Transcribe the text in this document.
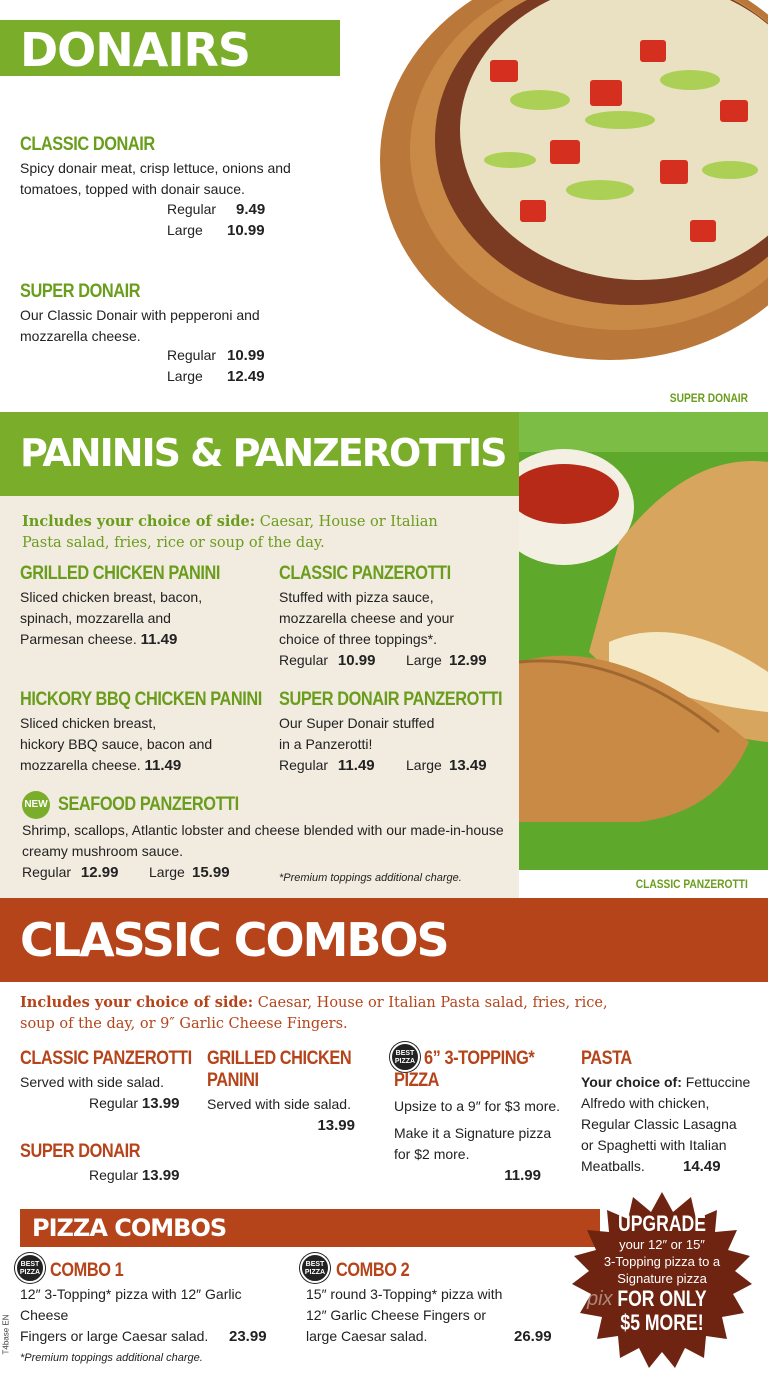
DONAIRS
CLASSIC DONAIR
Spicy donair meat, crisp lettuce, onions and
tomatoes, topped with donair sauce.
Regular 9.49
Large 10.99
SUPER DONAIR
Our Classic Donair with pepperoni and
mozzarella cheese.
Regular 10.99
Large 12.49
SUPER DONAIR
PANINIS & PANZEROTTIS
Includes your choice of side: Caesar, House or Italian
Pasta salad, fries, rice or soup of the day.
GRILLED CHICKEN PANINI
Sliced chicken breast, bacon,
spinach, mozzarella and
Parmesan cheese. 11.49
CLASSIC PANZEROTTI
Stuffed with pizza sauce,
mozzarella cheese and your
choice of three toppings*.
Regular 10.99 Large 12.99
HICKORY BBQ CHICKEN PANINI
Sliced chicken breast,
hickory BBQ sauce, bacon and
mozzarella cheese. 11.49
SUPER DONAIR PANZEROTTI
Our Super Donair stuffed
in a Panzerotti!
Regular 11.49 Large 13.49
NEW SEAFOOD PANZEROTTI
Shrimp, scallops, Atlantic lobster and cheese blended with our made-in-house
creamy mushroom sauce.
Regular 12.99 Large 15.99	*Premium toppings additional charge.	CLASSIC PANZEROTTI
CLASSIC COMBOS
Includes your choice of side: Caesar, House or Italian Pasta salad, fries, rice,
soup of the day, or 9″ Garlic Cheese Fingers.
CLASSIC PANZEROTTI
Served with side salad.
Regular 13.99
SUPER DONAIR
Regular 13.99
GRILLED CHICKEN
PANINI
Served with side salad.
13.99
BEST
PIZZA 6” 3-TOPPING*
PIZZA
Upsize to a 9″ for $3 more.
Make it a Signature pizza
for $2 more.
11.99
PASTA
Your choice of: Fettuccine
Alfredo with chicken,
Regular Classic Lasagna
or Spaghetti with Italian
Meatballs.	14.49
PIZZA COMBOS
BEST
PIZZA COMBO 1
12″ 3-Topping* pizza with 12″ Garlic Cheese
Fingers or large Caesar salad. 23.99
BEST
PIZZA COMBO 2
15″ round 3-Topping* pizza with
12″ Garlic Cheese Fingers or
large Caesar salad.	26.99
*Premium toppings additional charge.
T4base EN
UPGRADE
your 12″ or 15″
3-Topping pizza to a
Signature pizza
FOR ONLY
$5 MORE!
menupix
